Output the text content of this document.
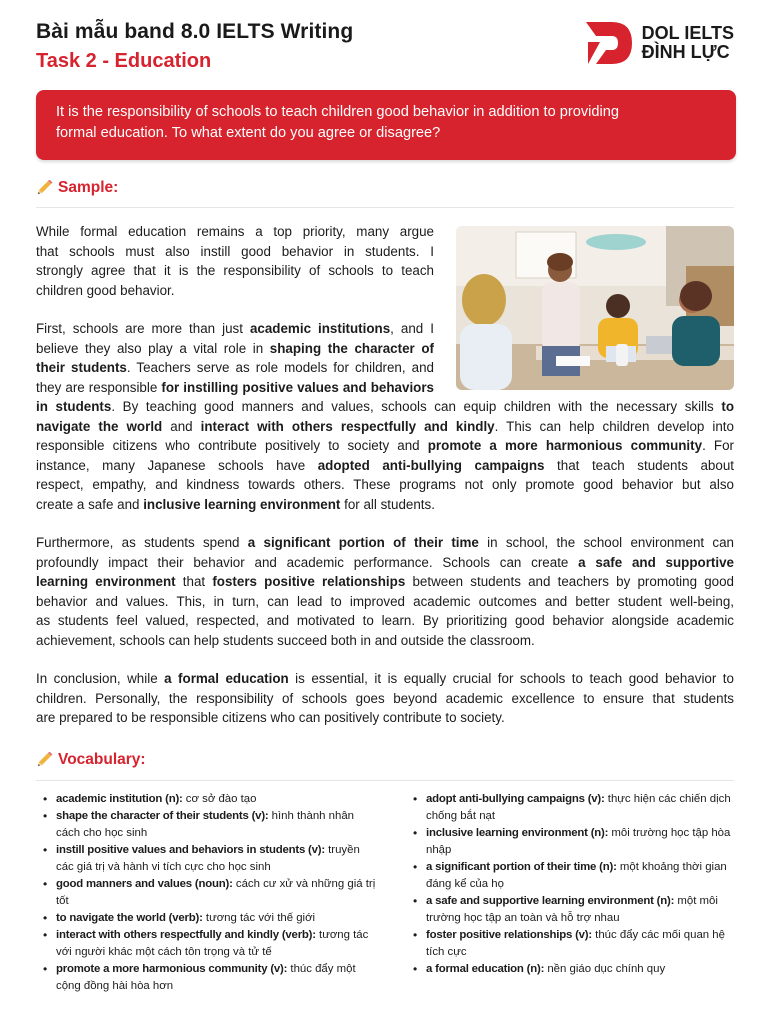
Bài mẫu band 8.0 IELTS Writing
Task 2 - Education
DOL IELTS
ĐÌNH LỰC
It is the responsibility of schools to teach children good behavior in addition to providing
formal education. To what extent do you agree or disagree?
Sample:
While formal education remains a top priority, many argue
that schools must also instill good behavior in students. I
strongly agree that it is the responsibility of schools to teach
children good behavior.
First, schools are more than just academic institutions, and I
believe they also play a vital role in shaping the character of
their students. Teachers serve as role models for children, and
they are responsible for instilling positive values and behaviors
in students. By teaching good manners and values, schools can equip children with the necessary skills to
navigate the world and interact with others respectfully and kindly. This can help children develop into
responsible citizens who contribute positively to society and promote a more harmonious community. For
instance, many Japanese schools have adopted anti-bullying campaigns that teach students about
respect, empathy, and kindness towards others. These programs not only promote good behavior but also
create a safe and inclusive learning environment for all students.
Furthermore, as students spend a significant portion of their time in school, the school environment can
profoundly impact their behavior and academic performance. Schools can create a safe and supportive
learning environment that fosters positive relationships between students and teachers by promoting good
behavior and values. This, in turn, can lead to improved academic outcomes and better student well-being,
as students feel valued, respected, and motivated to learn. By prioritizing good behavior alongside academic
achievement, schools can help students succeed both in and outside the classroom.
In conclusion, while a formal education is essential, it is equally crucial for schools to teach good behavior to
children. Personally, the responsibility of schools goes beyond academic excellence to ensure that students
are prepared to be responsible citizens who can positively contribute to society.
Vocabulary:
• academic institution (n): cơ sở đào tạo
• shape the character of their students (v): hình thành nhân cách cho học sinh
• instill positive values and behaviors in students (v): truyền các giá trị và hành vi tích cực cho học sinh
• good manners and values (noun): cách cư xử và những giá trị tốt
• to navigate the world (verb): tương tác với thế giới
• interact with others respectfully and kindly (verb): tương tác với người khác một cách tôn trọng và tử tế
• promote a more harmonious community (v): thúc đẩy một cộng đồng hài hòa hơn
• adopt anti-bullying campaigns (v): thực hiện các chiến dịch chống bắt nạt
• inclusive learning environment (n): môi trường học tập hòa nhập
• a significant portion of their time (n): một khoảng thời gian đáng kể của họ
• a safe and supportive learning environment (n): một môi trường học tập an toàn và hỗ trợ nhau
• foster positive relationships (v): thúc đẩy các mối quan hệ tích cực
• a formal education (n): nền giáo dục chính quy
